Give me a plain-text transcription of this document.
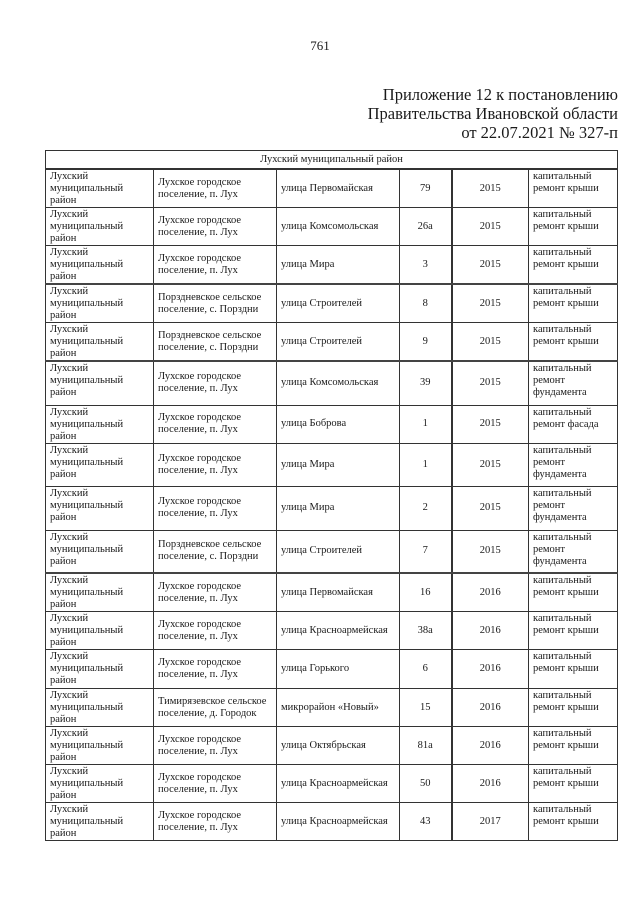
761
Приложение 12 к постановлению
Правительства Ивановской области
от 22.07.2021 № 327-п
Лухский муниципальный район					
Лухский муниципальный район	Лухское городское поселение, п. Лух	улица Первомайская	79	2015	капитальный ремонт крыши
Лухский муниципальный район	Лухское городское поселение, п. Лух	улица Комсомольская	26а	2015	капитальный ремонт крыши
Лухский муниципальный район	Лухское городское поселение, п. Лух	улица Мира	3	2015	капитальный ремонт крыши
Лухский муниципальный район	Порздневское сельское поселение, с. Порздни	улица Строителей	8	2015	капитальный ремонт крыши
Лухский муниципальный район	Порздневское сельское поселение, с. Порздни	улица Строителей	9	2015	капитальный ремонт крыши
Лухский муниципальный район	Лухское городское поселение, п. Лух	улица Комсомольская	39	2015	капитальный ремонт фундамента
Лухский муниципальный район	Лухское городское поселение, п. Лух	улица Боброва	1	2015	капитальный ремонт фасада
Лухский муниципальный район	Лухское городское поселение, п. Лух	улица Мира	1	2015	капитальный ремонт фундамента
Лухский муниципальный район	Лухское городское поселение, п. Лух	улица Мира	2	2015	капитальный ремонт фундамента
Лухский муниципальный район	Порздневское сельское поселение, с. Порздни	улица Строителей	7	2015	капитальный ремонт фундамента
Лухский муниципальный район	Лухское городское поселение, п. Лух	улица Первомайская	16	2016	капитальный ремонт крыши
Лухский муниципальный район	Лухское городское поселение, п. Лух	улица Красноармейская	38а	2016	капитальный ремонт крыши
Лухский муниципальный район	Лухское городское поселение, п. Лух	улица Горького	6	2016	капитальный ремонт крыши
Лухский муниципальный район	Тимирязевское сельское поселение, д. Городок	микрорайон «Новый»	15	2016	капитальный ремонт крыши
Лухский муниципальный район	Лухское городское поселение, п. Лух	улица Октябрьская	81а	2016	капитальный ремонт крыши
Лухский муниципальный район	Лухское городское поселение, п. Лух	улица Красноармейская	50	2016	капитальный ремонт крыши
Лухский муниципальный район	Лухское городское поселение, п. Лух	улица Красноармейская	43	2017	капитальный ремонт крыши
